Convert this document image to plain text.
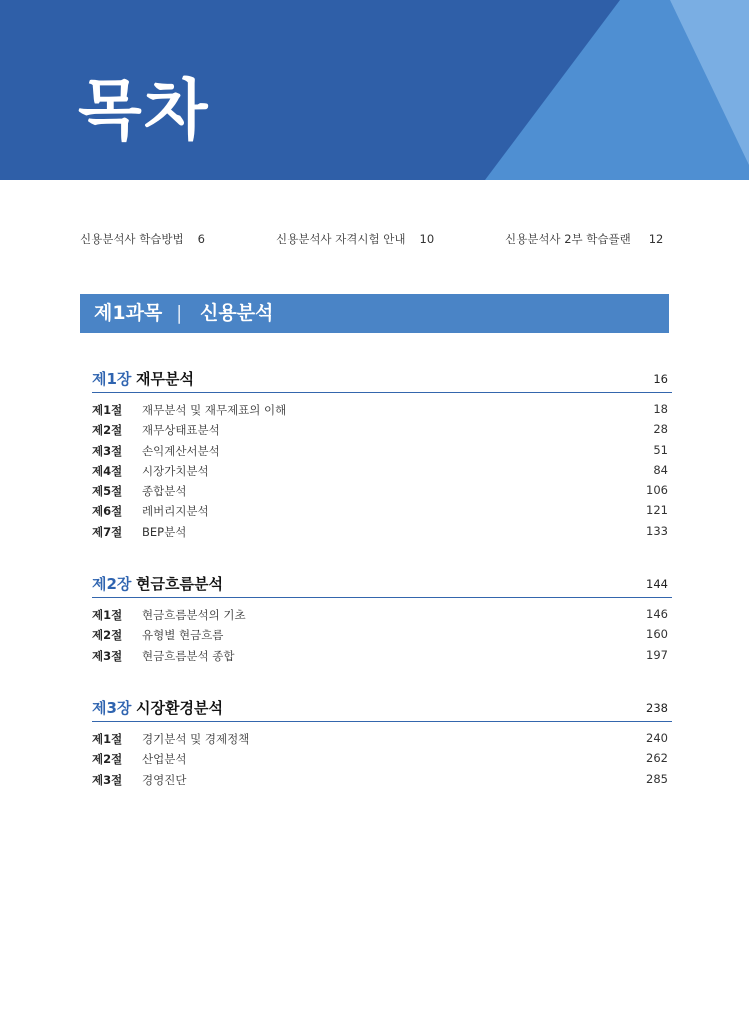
목차
신용분석사 학습방법 6	신용분석사 자격시험 안내 10	신용분석사 2부 학습플랜 12
제1과목 | 신용분석
제1장 재무분석	16
제1절 재무분석 및 재무제표의 이해	18
제2절 재무상태표분석	28
제3절 손익계산서분석	51
제4절 시장가치분석	84
제5절 종합분석	106
제6절 레버리지분석	121
제7절 BEP분석	133
제2장 현금흐름분석	144
제1절 현금흐름분석의 기초	146
제2절 유형별 현금흐름	160
제3절 현금흐름분석 종합	197
제3장 시장환경분석	238
제1절 경기분석 및 경제정책	240
제2절 산업분석	262
제3절 경영진단	285
